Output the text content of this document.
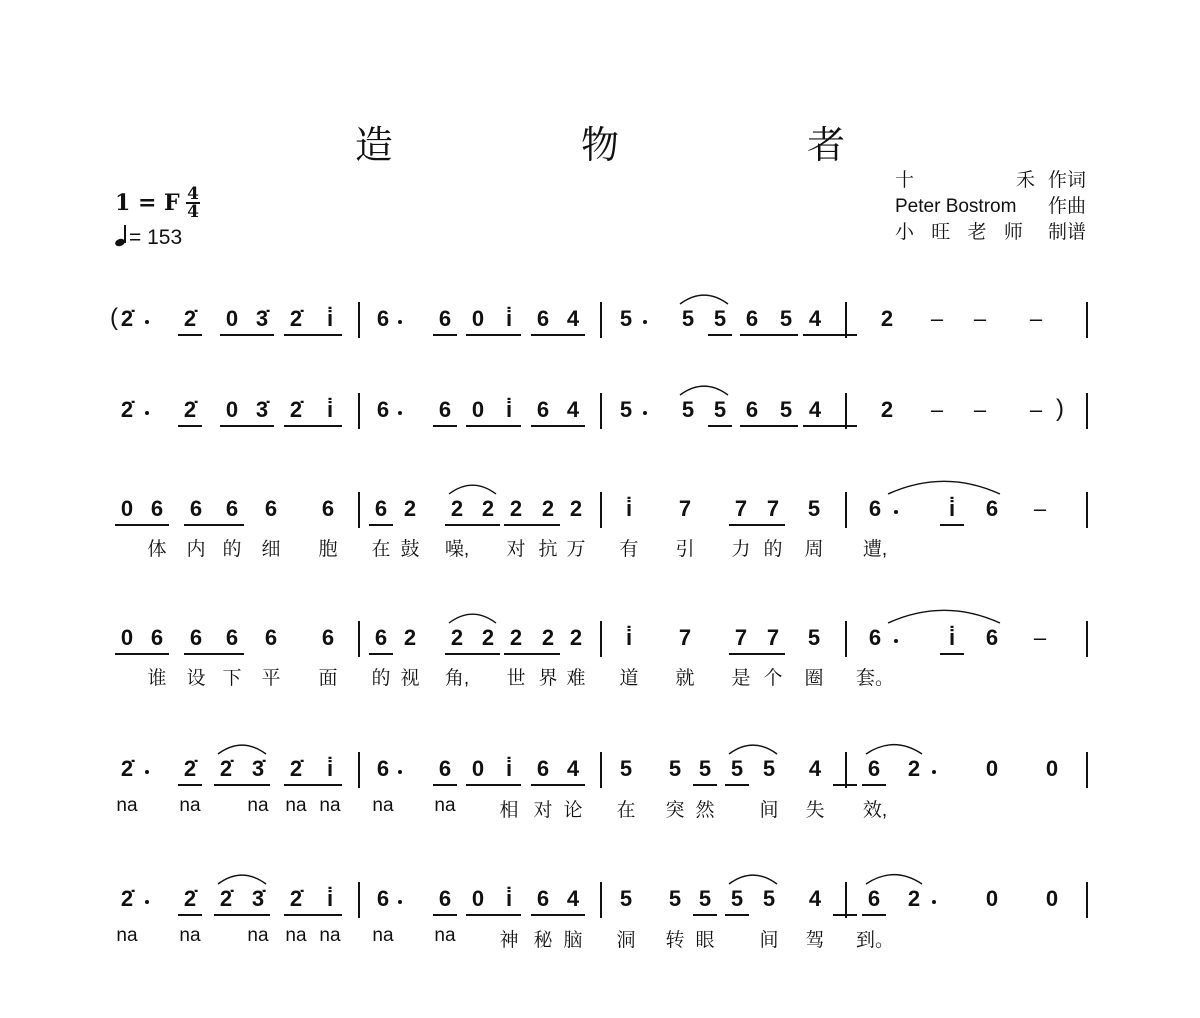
造 物 者
1 = F 4
4
= 153
十	禾 作词
Peter Bostrom 作曲
小 旺 老 师 制谱
2̇ 2̇ 0 3̇ 2̇ i̇ 6 6 0 i̇ 6 4 5 5 5 6 5 4	2 – – –
(
2̇ 2̇ 0 3̇ 2̇ i̇ 6 6 0 i̇ 6 4 5 5 5 6 5 4	2 – – – )
0 6 6 6 6 6 6 2 2 2 2 2 2 i̇ 7 7 7 5 6	i̇ 6 –
体 内 的 细 胞 在 鼓 噪, 对 抗 万 有 引 力 的 周 遭,
0 6 6 6 6 6 6 2 2 2 2 2 2 i̇ 7 7 7 5 6	i̇ 6 –
谁 设 下 平 面 的 视 角, 世 界 难 道 就 是 个 圈 套。
2̇ 2̇ 2̇ 3̇ 2̇ i̇ 6 6 0 i̇ 6 4 5 5 5 5 5 4 6 2	0 0
na na na na na na na 相 对 论 在 突 然 间 失 效,
2̇ 2̇ 2̇ 3̇ 2̇ i̇ 6 6 0 i̇ 6 4 5 5 5 5 5 4 6 2	0 0
na na na na na na na 神 秘 脑 洞 转 眼 间 驾 到。
